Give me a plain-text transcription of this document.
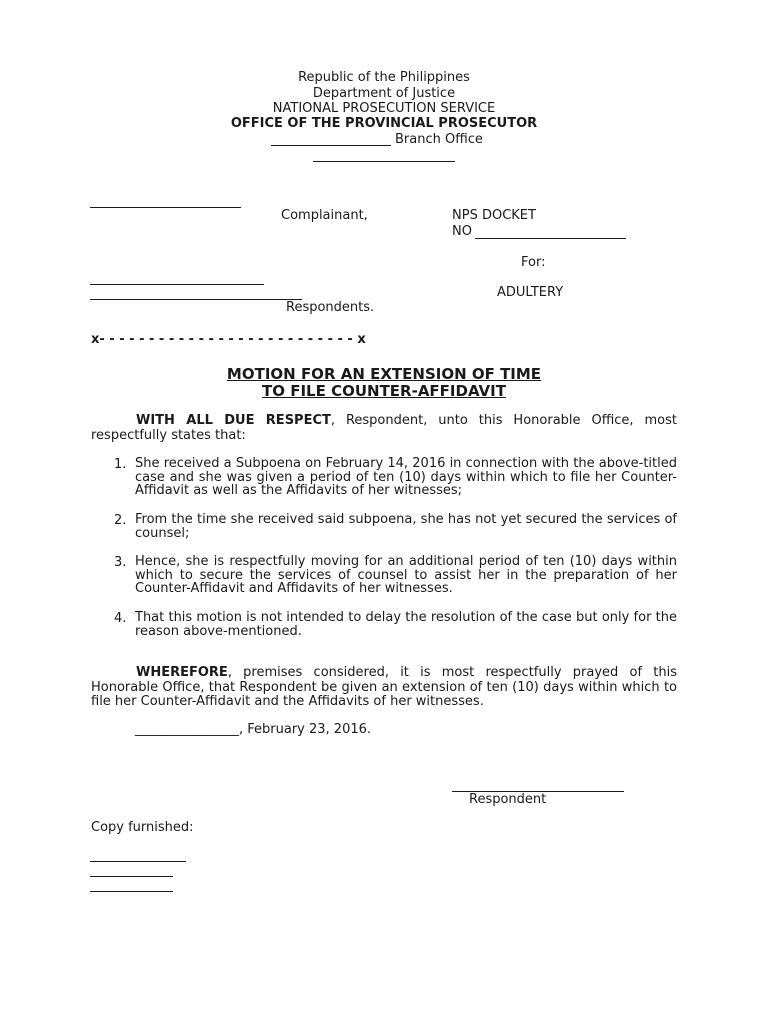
Republic of the Philippines
Department of Justice
NATIONAL PROSECUTION SERVICE
OFFICE OF THE PROVINCIAL PROSECUTOR
Branch Office
Complainant,	NPS DOCKET
NO
For:
ADULTERY
Respondents.
x- - - - - - - - - - - - - - - - - - - - - - - - - - x
MOTION FOR AN EXTENSION OF TIME
TO FILE COUNTER-AFFIDAVIT
WITH ALL DUE RESPECT, Respondent, unto this Honorable Office, most respectfully states that:
1. She received a Subpoena on February 14, 2016 in connection with the above-titled case and she was given a period of ten (10) days within which to file her Counter-Affidavit as well as the Affidavits of her witnesses;
2. From the time she received said subpoena, she has not yet secured the services of counsel;
3. Hence, she is respectfully moving for an additional period of ten (10) days within which to secure the services of counsel to assist her in the preparation of her Counter-Affidavit and Affidavits of her witnesses.
4. That this motion is not intended to delay the resolution of the case but only for the reason above-mentioned.
WHEREFORE, premises considered, it is most respectfully prayed of this Honorable Office, that Respondent be given an extension of ten (10) days within which to file her Counter-Affidavit and the Affidavits of her witnesses.
________________, February 23, 2016.
Respondent
Copy furnished:
